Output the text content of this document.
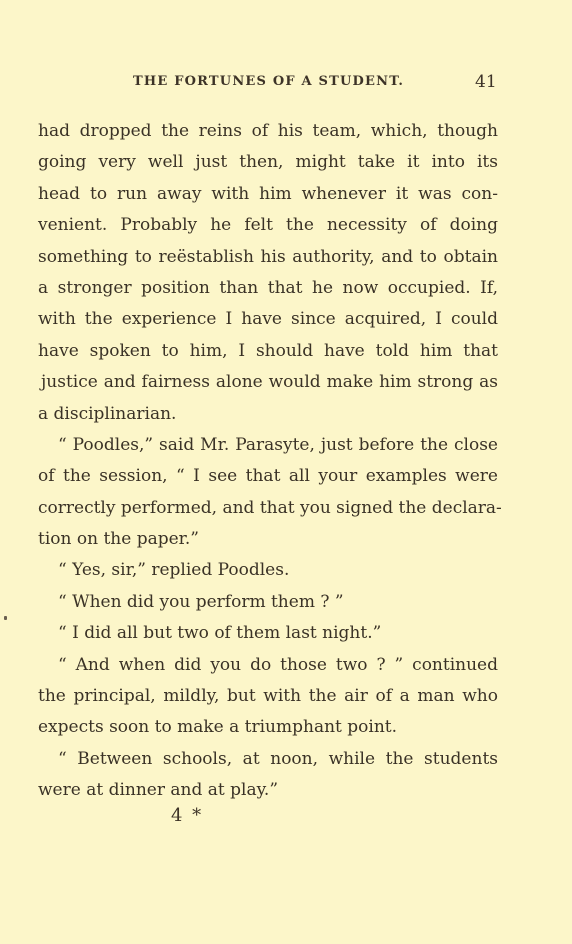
THE FORTUNES OF A STUDENT.	41
had dropped the reins of his team, which, though
going very well just then, might take it into its
head to run away with him whenever it was con-
venient. Probably he felt the necessity of doing
something to reëstablish his authority, and to obtain
a stronger position than that he now occupied. If,
with the experience I have since acquired, I could
have spoken to him, I should have told him that
justice and fairness alone would make him strong as
a disciplinarian.
“ Poodles,” said Mr. Parasyte, just before the close
of the session, “ I see that all your examples were
correctly performed, and that you signed the declara-
tion on the paper.”
“ Yes, sir,” replied Poodles.
“ When did you perform them ? ”
“ I did all but two of them last night.”
“ And when did you do those two ? ” continued
the principal, mildly, but with the air of a man who
expects soon to make a triumphant point.
“ Between schools, at noon, while the students
were at dinner and at play.”
4 *
